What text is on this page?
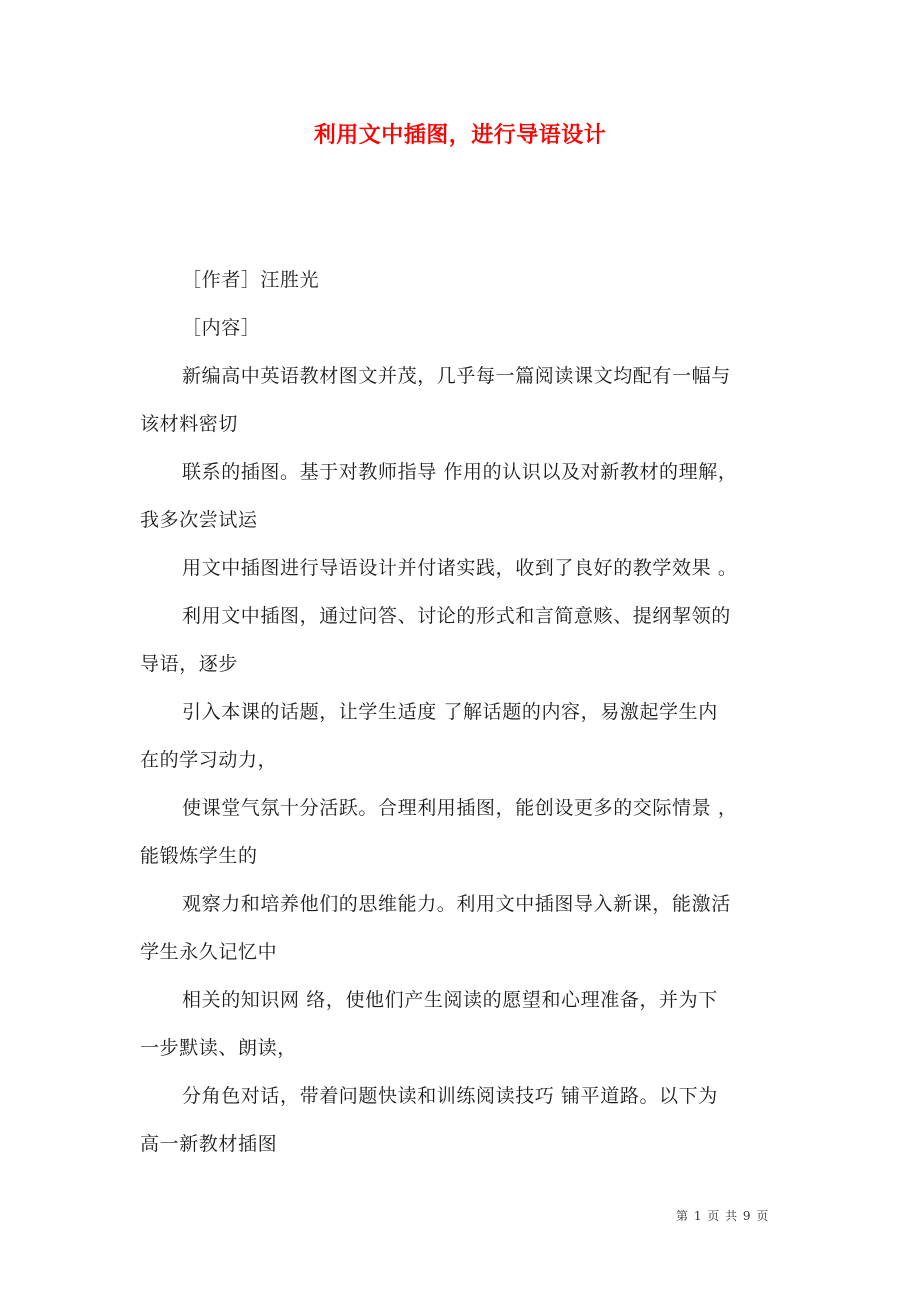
利用文中插图，进行导语设计
［作者］汪胜光
［内容］
新编高中英语教材图文并茂，几乎每一篇阅读课文均配有一幅与
该材料密切
联系的插图。基于对教师指导 作用的认识以及对新教材的理解，
我多次尝试运
用文中插图进行导语设计并付诸实践，收到了良好的教学效果 。
利用文中插图，通过问答、讨论的形式和言简意赅、提纲挈领的
导语，逐步
引入本课的话题，让学生适度 了解话题的内容，易激起学生内
在的学习动力，
使课堂气氛十分活跃。合理利用插图，能创设更多的交际情景 ，
能锻炼学生的
观察力和培养他们的思维能力。利用文中插图导入新课，能激活
学生永久记忆中
相关的知识网 络，使他们产生阅读的愿望和心理准备，并为下
一步默读、朗读，
分角色对话，带着问题快读和训练阅读技巧 铺平道路。以下为
高一新教材插图
第 1 页 共 9 页
